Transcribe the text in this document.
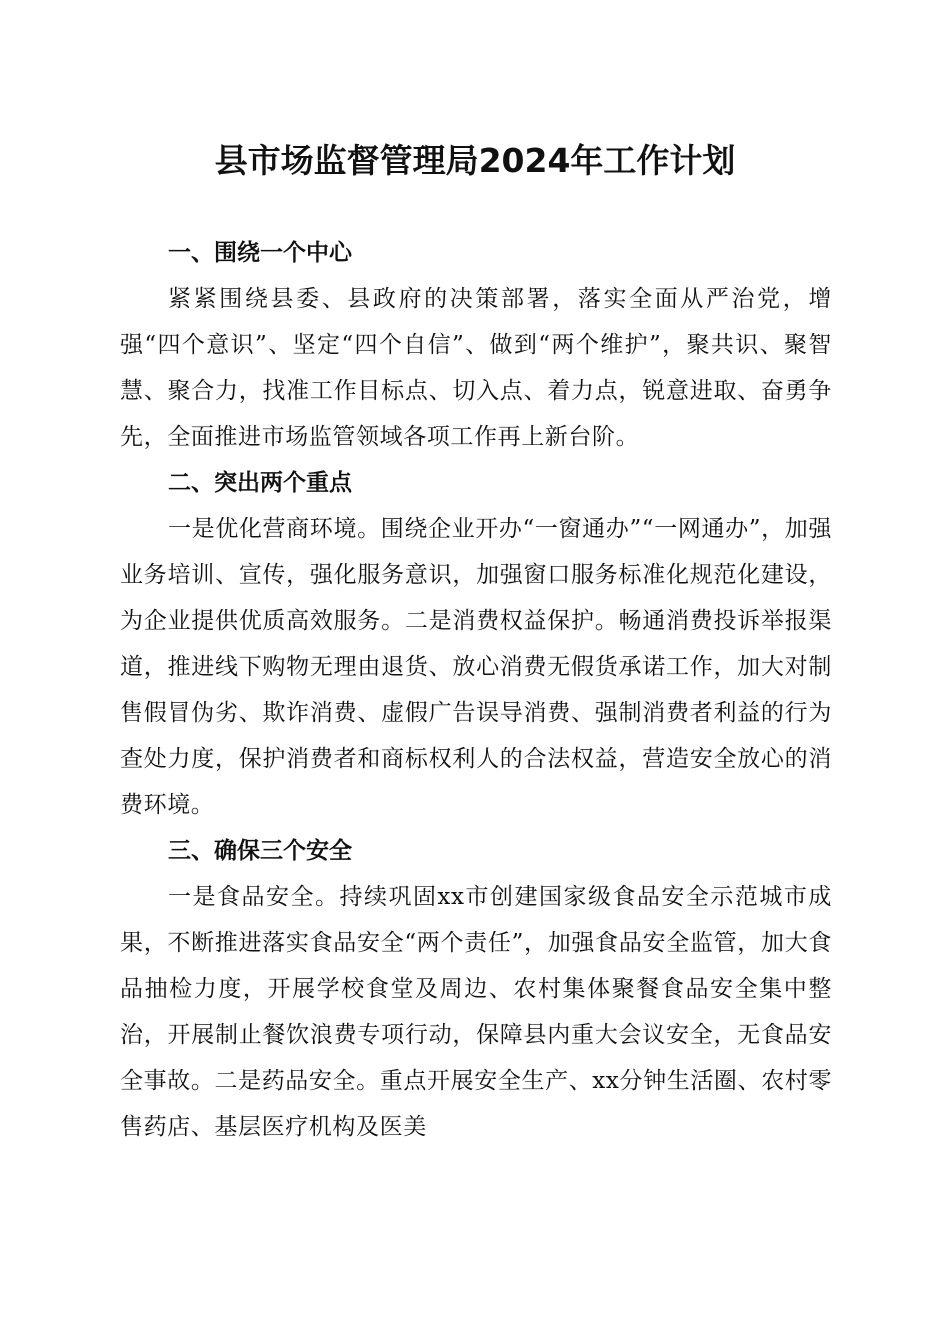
县市场监督管理局2024年工作计划
一、围绕一个中心

紧紧围绕县委、县政府的决策部署，落实全面从严治党，增强“四个意识”、坚定“四个自信”、做到“两个维护”，聚共识、聚智慧、聚合力，找准工作目标点、切入点、着力点，锐意进取、奋勇争先，全面推进市场监管领域各项工作再上新台阶。

二、突出两个重点

一是优化营商环境。围绕企业开办“一窗通办”“一网通办”，加强业务培训、宣传，强化服务意识，加强窗口服务标准化规范化建设，为企业提供优质高效服务。二是消费权益保护。畅通消费投诉举报渠道，推进线下购物无理由退货、放心消费无假货承诺工作，加大对制售假冒伪劣、欺诈消费、虚假广告误导消费、强制消费者利益的行为查处力度，保护消费者和商标权利人的合法权益，营造安全放心的消费环境。

三、确保三个安全

一是食品安全。持续巩固xx市创建国家级食品安全示范城市成果，不断推进落实食品安全“两个责任”，加强食品安全监管，加大食品抽检力度，开展学校食堂及周边、农村集体聚餐食品安全集中整治，开展制止餐饮浪费专项行动，保障县内重大会议安全，无食品安全事故。二是药品安全。重点开展安全生产、xx分钟生活圈、农村零售药店、基层医疗机构及医美
